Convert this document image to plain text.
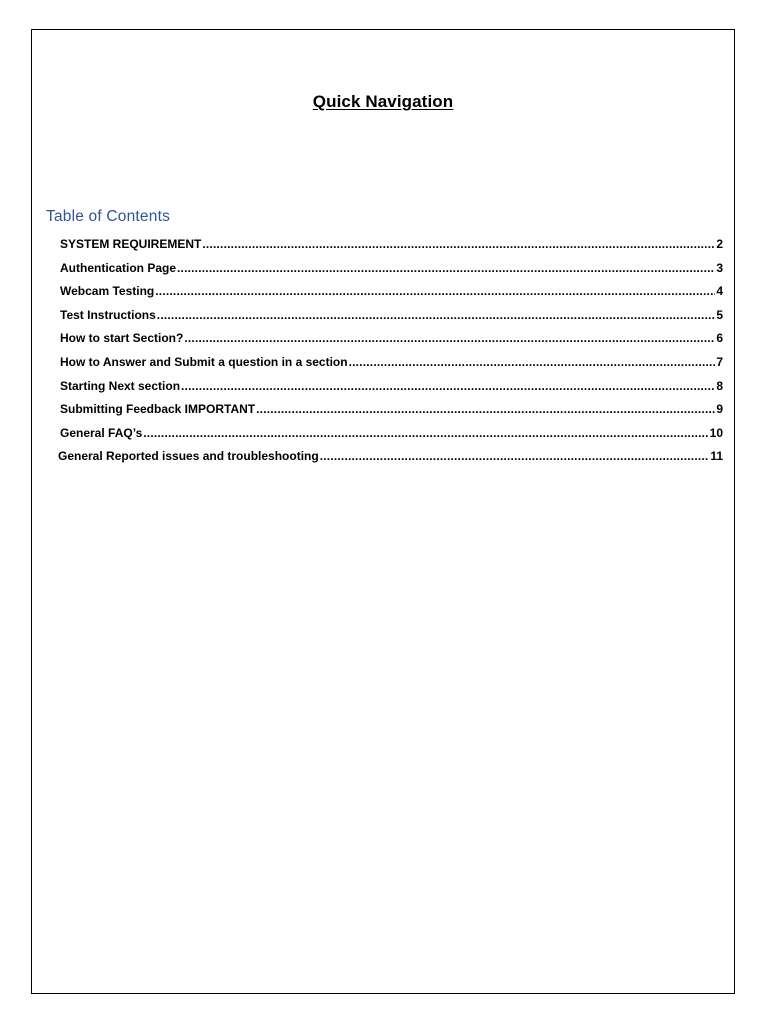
Quick Navigation
Table of Contents
SYSTEM REQUIREMENT .....	2
Authentication Page .....	3
Webcam Testing .....	4
Test Instructions .....	5
How to start Section? .....	6
How to Answer and Submit a question in a section .....	7
Starting Next section .....	8
Submitting Feedback IMPORTANT .....	9
General FAQ’s .....	10
General Reported issues and troubleshooting .....	11
